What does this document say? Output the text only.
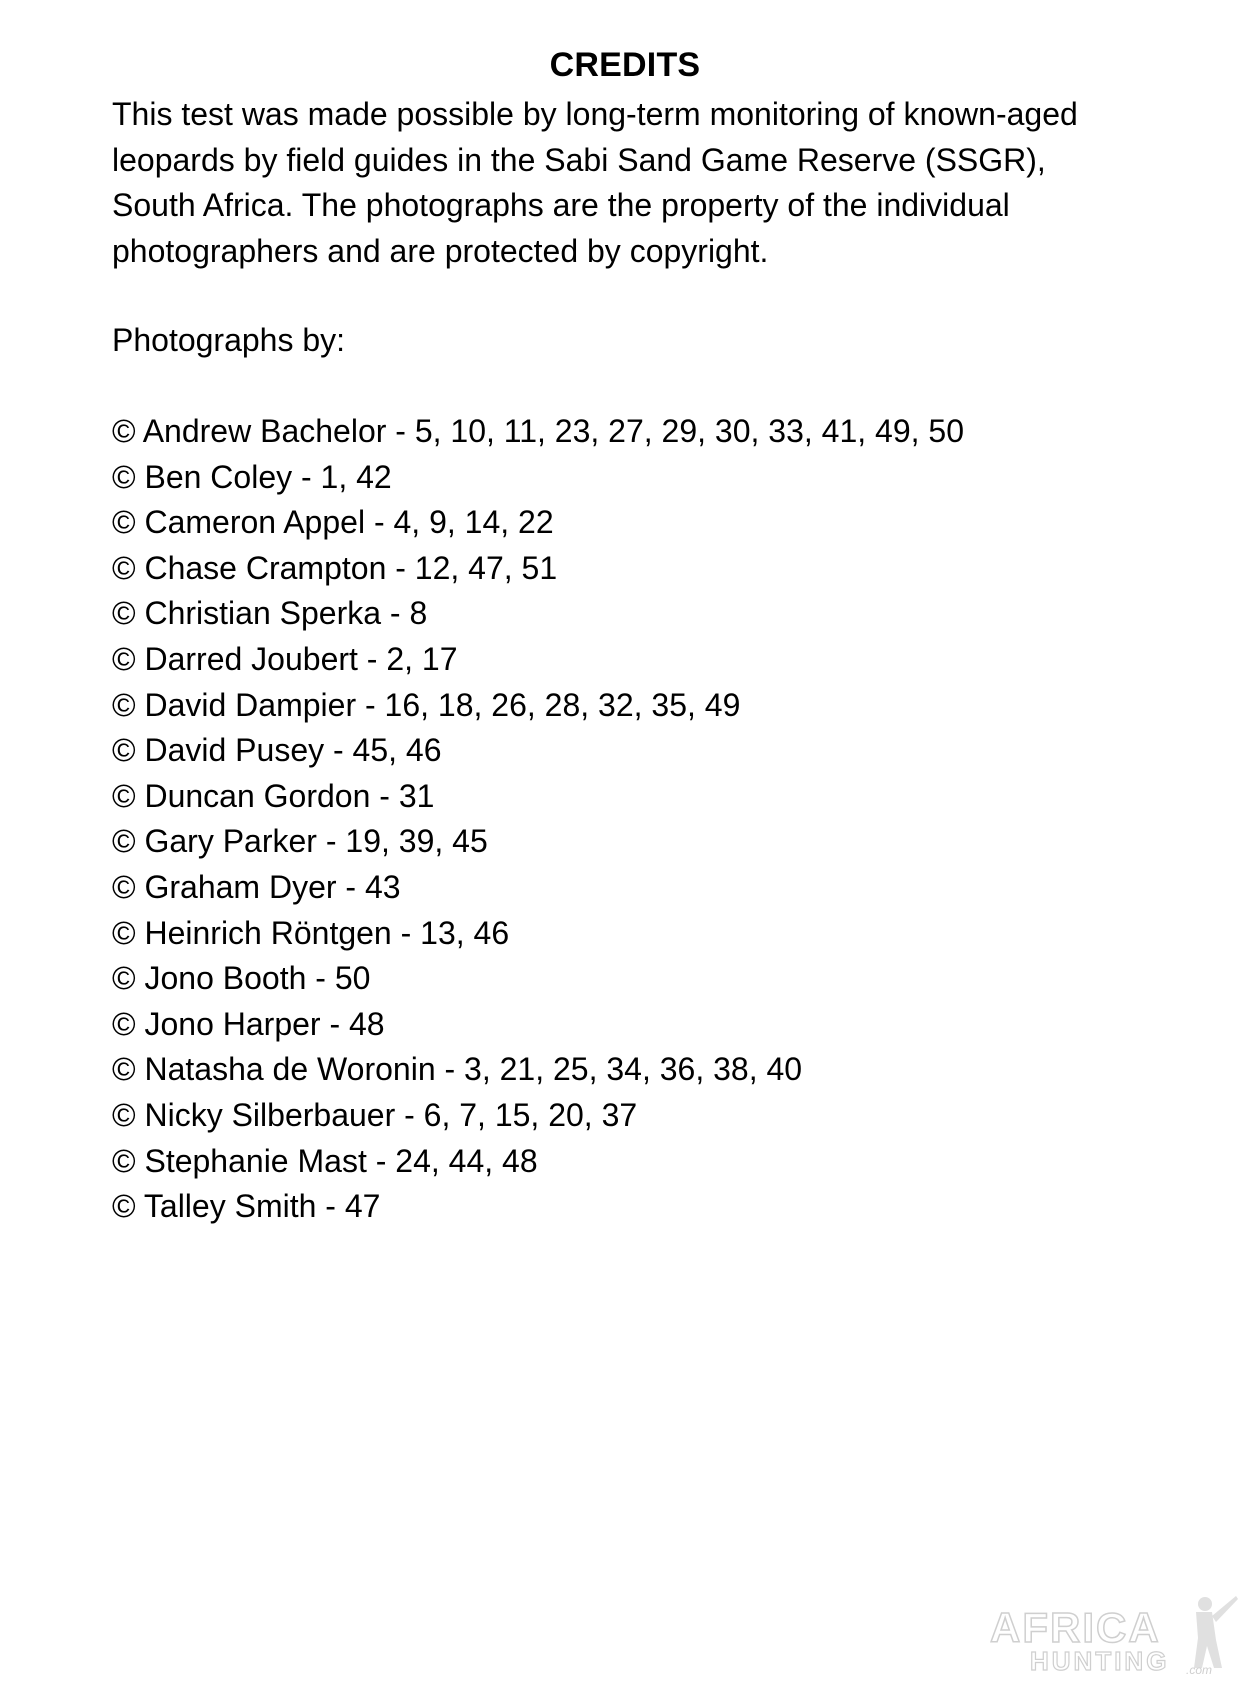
CREDITS

This test was made possible by long-term monitoring of known-aged
leopards by field guides in the Sabi Sand Game Reserve (SSGR),
South Africa. The photographs are the property of the individual
photographers and are protected by copyright.

Photographs by:

© Andrew Bachelor - 5, 10, 11, 23, 27, 29, 30, 33, 41, 49, 50
© Ben Coley - 1, 42
© Cameron Appel - 4, 9, 14, 22
© Chase Crampton - 12, 47, 51
© Christian Sperka - 8
© Darred Joubert - 2, 17
© David Dampier - 16, 18, 26, 28, 32, 35, 49
© David Pusey - 45, 46
© Duncan Gordon - 31
© Gary Parker - 19, 39, 45
© Graham Dyer - 43
© Heinrich Röntgen - 13, 46
© Jono Booth - 50
© Jono Harper - 48
© Natasha de Woronin - 3, 21, 25, 34, 36, 38, 40
© Nicky Silberbauer - 6, 7, 15, 20, 37
© Stephanie Mast - 24, 44, 48
© Talley Smith - 47
AFRICA
HUNTING .com
